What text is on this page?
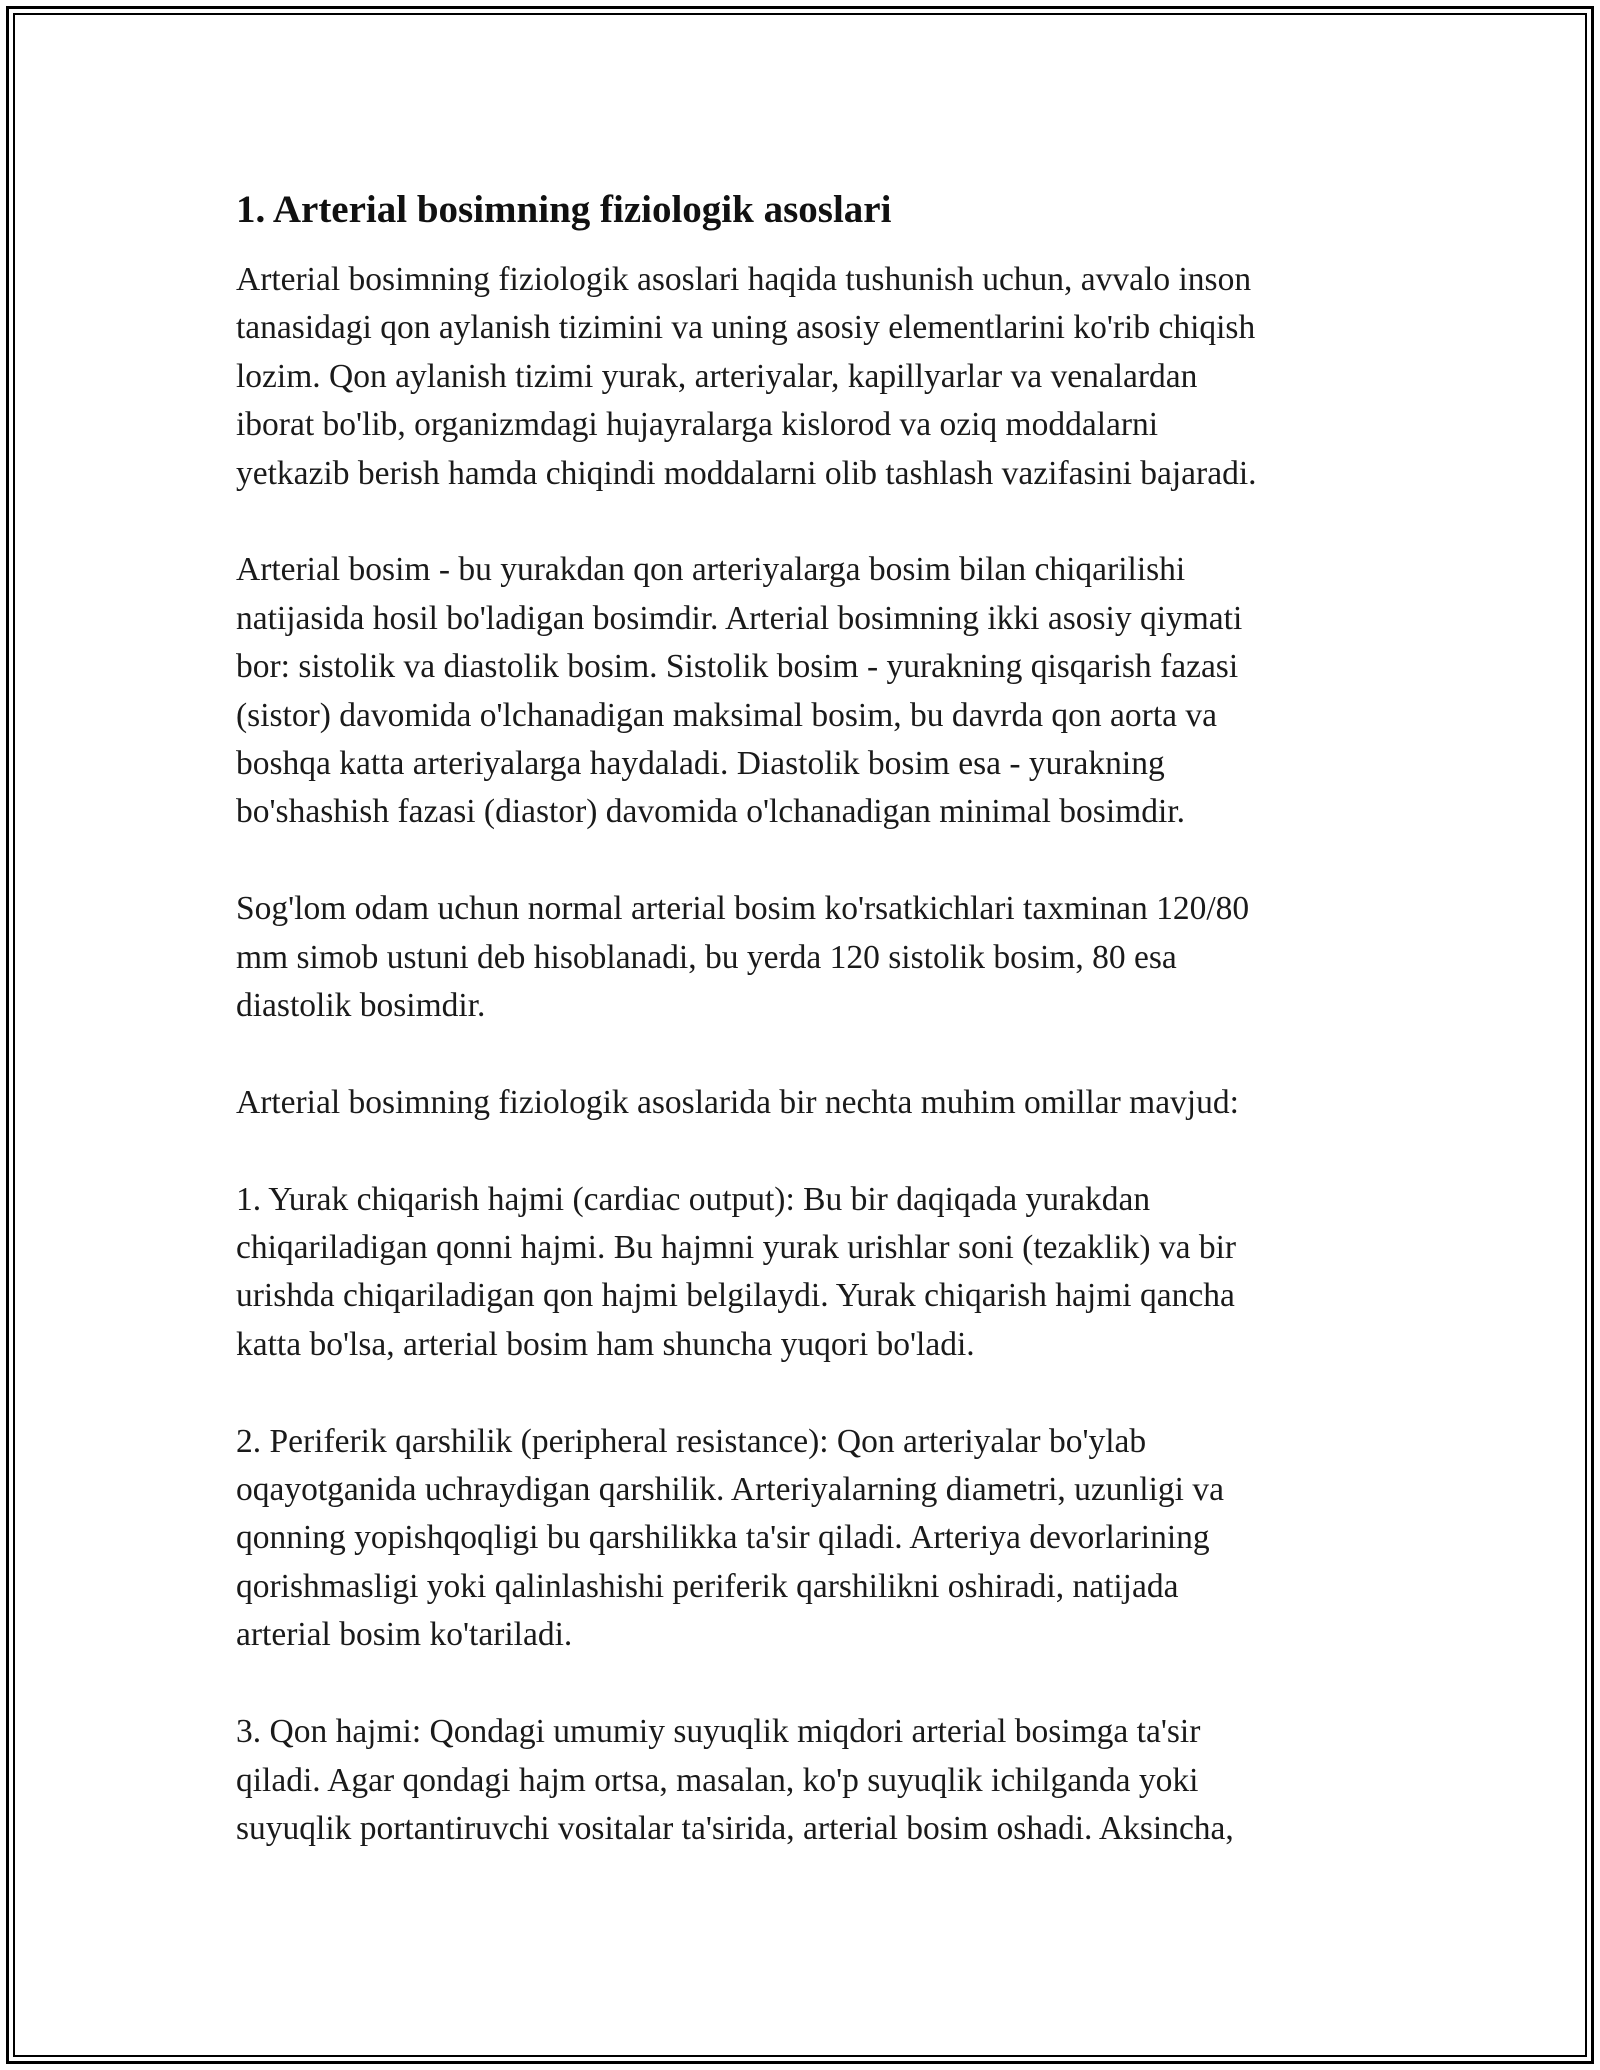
1. Arterial bosimning fiziologik asoslari

Arterial bosimning fiziologik asoslari haqida tushunish uchun, avvalo inson
tanasidagi qon aylanish tizimini va uning asosiy elementlarini ko'rib chiqish
lozim. Qon aylanish tizimi yurak, arteriyalar, kapillyarlar va venalardan
iborat bo'lib, organizmdagi hujayralarga kislorod va oziq moddalarni
yetkazib berish hamda chiqindi moddalarni olib tashlash vazifasini bajaradi.

Arterial bosim - bu yurakdan qon arteriyalarga bosim bilan chiqarilishi
natijasida hosil bo'ladigan bosimdir. Arterial bosimning ikki asosiy qiymati
bor: sistolik va diastolik bosim. Sistolik bosim - yurakning qisqarish fazasi
(sistor) davomida o'lchanadigan maksimal bosim, bu davrda qon aorta va
boshqa katta arteriyalarga haydaladi. Diastolik bosim esa - yurakning
bo'shashish fazasi (diastor) davomida o'lchanadigan minimal bosimdir.

Sog'lom odam uchun normal arterial bosim ko'rsatkichlari taxminan 120/80
mm simob ustuni deb hisoblanadi, bu yerda 120 sistolik bosim, 80 esa
diastolik bosimdir.

Arterial bosimning fiziologik asoslarida bir nechta muhim omillar mavjud:

1. Yurak chiqarish hajmi (cardiac output): Bu bir daqiqada yurakdan
chiqariladigan qonni hajmi. Bu hajmni yurak urishlar soni (tezaklik) va bir
urishda chiqariladigan qon hajmi belgilaydi. Yurak chiqarish hajmi qancha
katta bo'lsa, arterial bosim ham shuncha yuqori bo'ladi.

2. Periferik qarshilik (peripheral resistance): Qon arteriyalar bo'ylab
oqayotganida uchraydigan qarshilik. Arteriyalarning diametri, uzunligi va
qonning yopishqoqligi bu qarshilikka ta'sir qiladi. Arteriya devorlarining
qorishmasligi yoki qalinlashishi periferik qarshilikni oshiradi, natijada
arterial bosim ko'tariladi.

3. Qon hajmi: Qondagi umumiy suyuqlik miqdori arterial bosimga ta'sir
qiladi. Agar qondagi hajm ortsa, masalan, ko'p suyuqlik ichilganda yoki
suyuqlik portantiruvchi vositalar ta'sirida, arterial bosim oshadi. Aksincha,
